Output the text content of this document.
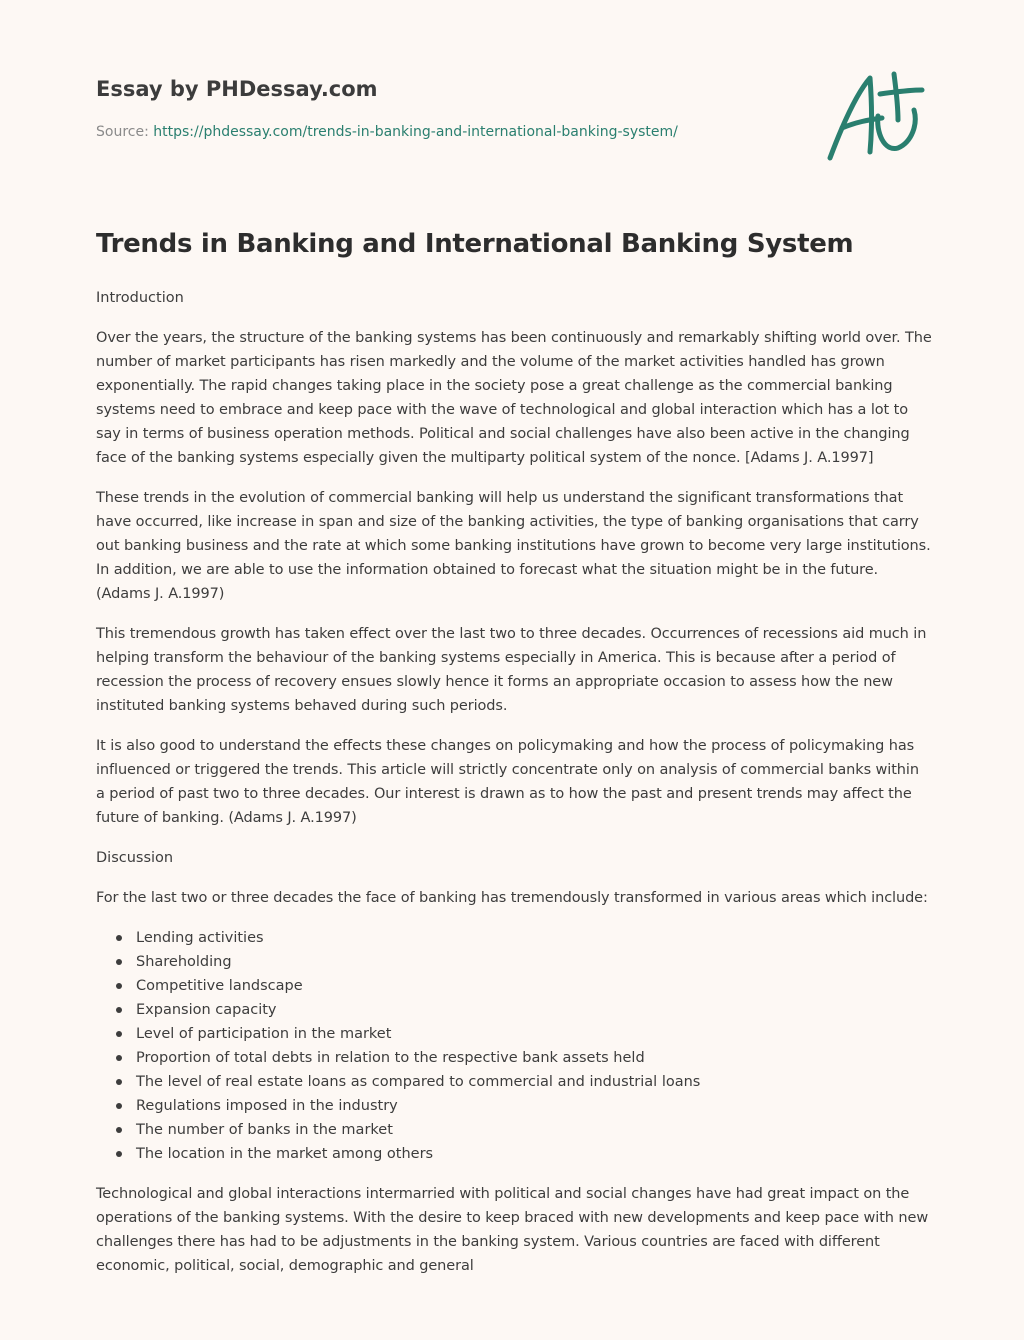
Essay by PHDessay.com
Source: https://phdessay.com/trends-in-banking-and-international-banking-system/
Trends in Banking and International Banking System

Introduction

Over the years, the structure of the banking systems has been continuously and remarkably shifting world over. The number of market participants has risen markedly and the volume of the market activities handled has grown exponentially. The rapid changes taking place in the society pose a great challenge as the commercial banking systems need to embrace and keep pace with the wave of technological and global interaction which has a lot to say in terms of business operation methods. Political and social challenges have also been active in the changing face of the banking systems especially given the multiparty political system of the nonce. [Adams J. A.1997]

These trends in the evolution of commercial banking will help us understand the significant transformations that have occurred, like increase in span and size of the banking activities, the type of banking organisations that carry out banking business and the rate at which some banking institutions have grown to become very large institutions. In addition, we are able to use the information obtained to forecast what the situation might be in the future. (Adams J. A.1997)

This tremendous growth has taken effect over the last two to three decades. Occurrences of recessions aid much in helping transform the behaviour of the banking systems especially in America. This is because after a period of recession the process of recovery ensues slowly hence it forms an appropriate occasion to assess how the new instituted banking systems behaved during such periods.

It is also good to understand the effects these changes on policymaking and how the process of policymaking has influenced or triggered the trends. This article will strictly concentrate only on analysis of commercial banks within a period of past two to three decades. Our interest is drawn as to how the past and present trends may affect the future of banking. (Adams J. A.1997)

Discussion

For the last two or three decades the face of banking has tremendously transformed in various areas which include:

Lending activities
Shareholding
Competitive landscape
Expansion capacity
Level of participation in the market
Proportion of total debts in relation to the respective bank assets held
The level of real estate loans as compared to commercial and industrial loans
Regulations imposed in the industry
The number of banks in the market
The location in the market among others

Technological and global interactions intermarried with political and social changes have had great impact on the operations of the banking systems. With the desire to keep braced with new developments and keep pace with new challenges there has had to be adjustments in the banking system. Various countries are faced with different economic, political, social, demographic and general
